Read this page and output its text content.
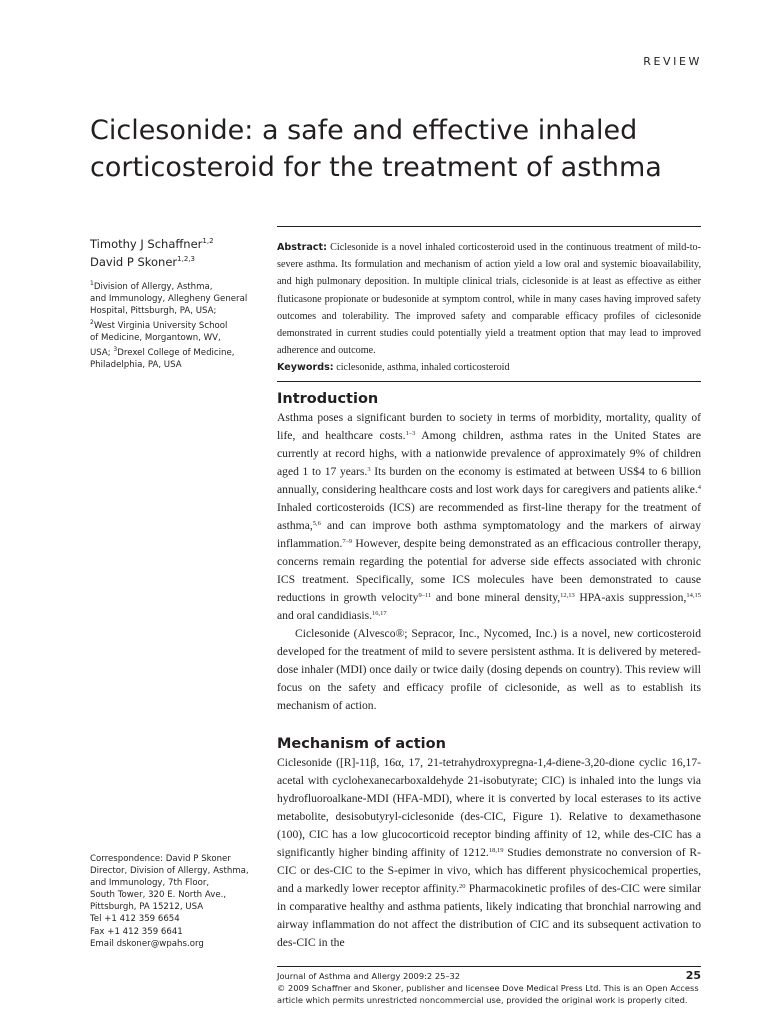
REVIEW
Ciclesonide: a safe and effective inhaled
corticosteroid for the treatment of asthma
Timothy J Schaffner$^{1,2}$
David P Skoner$^{1,2,3}$
$^1$Division of Allergy, Asthma,
and Immunology, Allegheny General
Hospital, Pittsburgh, PA, USA;
$^2$West Virginia University School
of Medicine, Morgantown, WV,
USA; $^3$Drexel College of Medicine,
Philadelphia, PA, USA

Abstract: Ciclesonide is a novel inhaled corticosteroid used in the continuous treatment of mild-to-severe asthma. Its formulation and mechanism of action yield a low oral and systemic bioavailability, and high pulmonary deposition. In multiple clinical trials, ciclesonide is at least as effective as either fluticasone propionate or budesonide at symptom control, while in many cases having improved safety outcomes and tolerability. The improved safety and comparable efficacy profiles of ciclesonide demonstrated in current studies could potentially yield a treatment option that may lead to improved adherence and outcome.

Keywords: ciclesonide, asthma, inhaled corticosteroid

Introduction

Asthma poses a significant burden to society in terms of morbidity, mortality, quality of life, and healthcare costs.$^{1-3}$ Among children, asthma rates in the United States are currently at record highs, with a nationwide prevalence of approximately 9% of children aged 1 to 17 years.$^3$ Its burden on the economy is estimated at between US$4 to 6 billion annually, considering healthcare costs and lost work days for caregivers and patients alike.$^4$ Inhaled corticosteroids (ICS) are recommended as first-line therapy for the treatment of asthma,$^{5,6}$ and can improve both asthma symptomatology and the markers of airway inflammation.$^{7-9}$ However, despite being demonstrated as an efficacious controller therapy, concerns remain regarding the potential for adverse side effects associated with chronic ICS treatment. Specifically, some ICS molecules have been demonstrated to cause reductions in growth velocity$^{9-11}$ and bone mineral density,$^{12,13}$ HPA-axis suppression,$^{14,15}$ and oral candidiasis.$^{16,17}$

Ciclesonide (Alvesco®; Sepracor, Inc., Nycomed, Inc.) is a novel, new corticosteroid developed for the treatment of mild to severe persistent asthma. It is delivered by metered-dose inhaler (MDI) once daily or twice daily (dosing depends on country). This review will focus on the safety and efficacy profile of ciclesonide, as well as to establish its mechanism of action.

Mechanism of action

Ciclesonide ([R]-11β, 16α, 17, 21-tetrahydroxypregna-1,4-diene-3,20-dione cyclic 16,17-acetal with cyclohexanecarboxaldehyde 21-isobutyrate; CIC) is inhaled into the lungs via hydrofluoroalkane-MDI (HFA-MDI), where it is converted by local esterases to its active metabolite, desisobutyryl-ciclesonide (des-CIC, Figure 1). Relative to dexamethasone (100), CIC has a low glucocorticoid receptor binding affinity of 12, while des-CIC has a significantly higher binding affinity of 1212.$^{18,19}$ Studies demonstrate no conversion of R-CIC or des-CIC to the S-epimer in vivo, which has different physicochemical properties, and a markedly lower receptor affinity.$^{20}$ Pharmacokinetic profiles of des-CIC were similar in comparative healthy and asthma patients, likely indicating that bronchial narrowing and airway inflammation do not affect the distribution of CIC and its subsequent activation to des-CIC in the

Correspondence: David P Skoner
Director, Division of Allergy, Asthma,
and Immunology, 7th Floor,
South Tower, 320 E. North Ave.,
Pittsburgh, PA 15212, USA
Tel +1 412 359 6654
Fax +1 412 359 6641
Email dskoner@wpahs.org
Journal of Asthma and Allergy 2009:2 25–32
© 2009 Schaffner and Skoner, publisher and licensee Dove Medical Press Ltd. This is an Open Access
article which permits unrestricted noncommercial use, provided the original work is properly cited.
25
